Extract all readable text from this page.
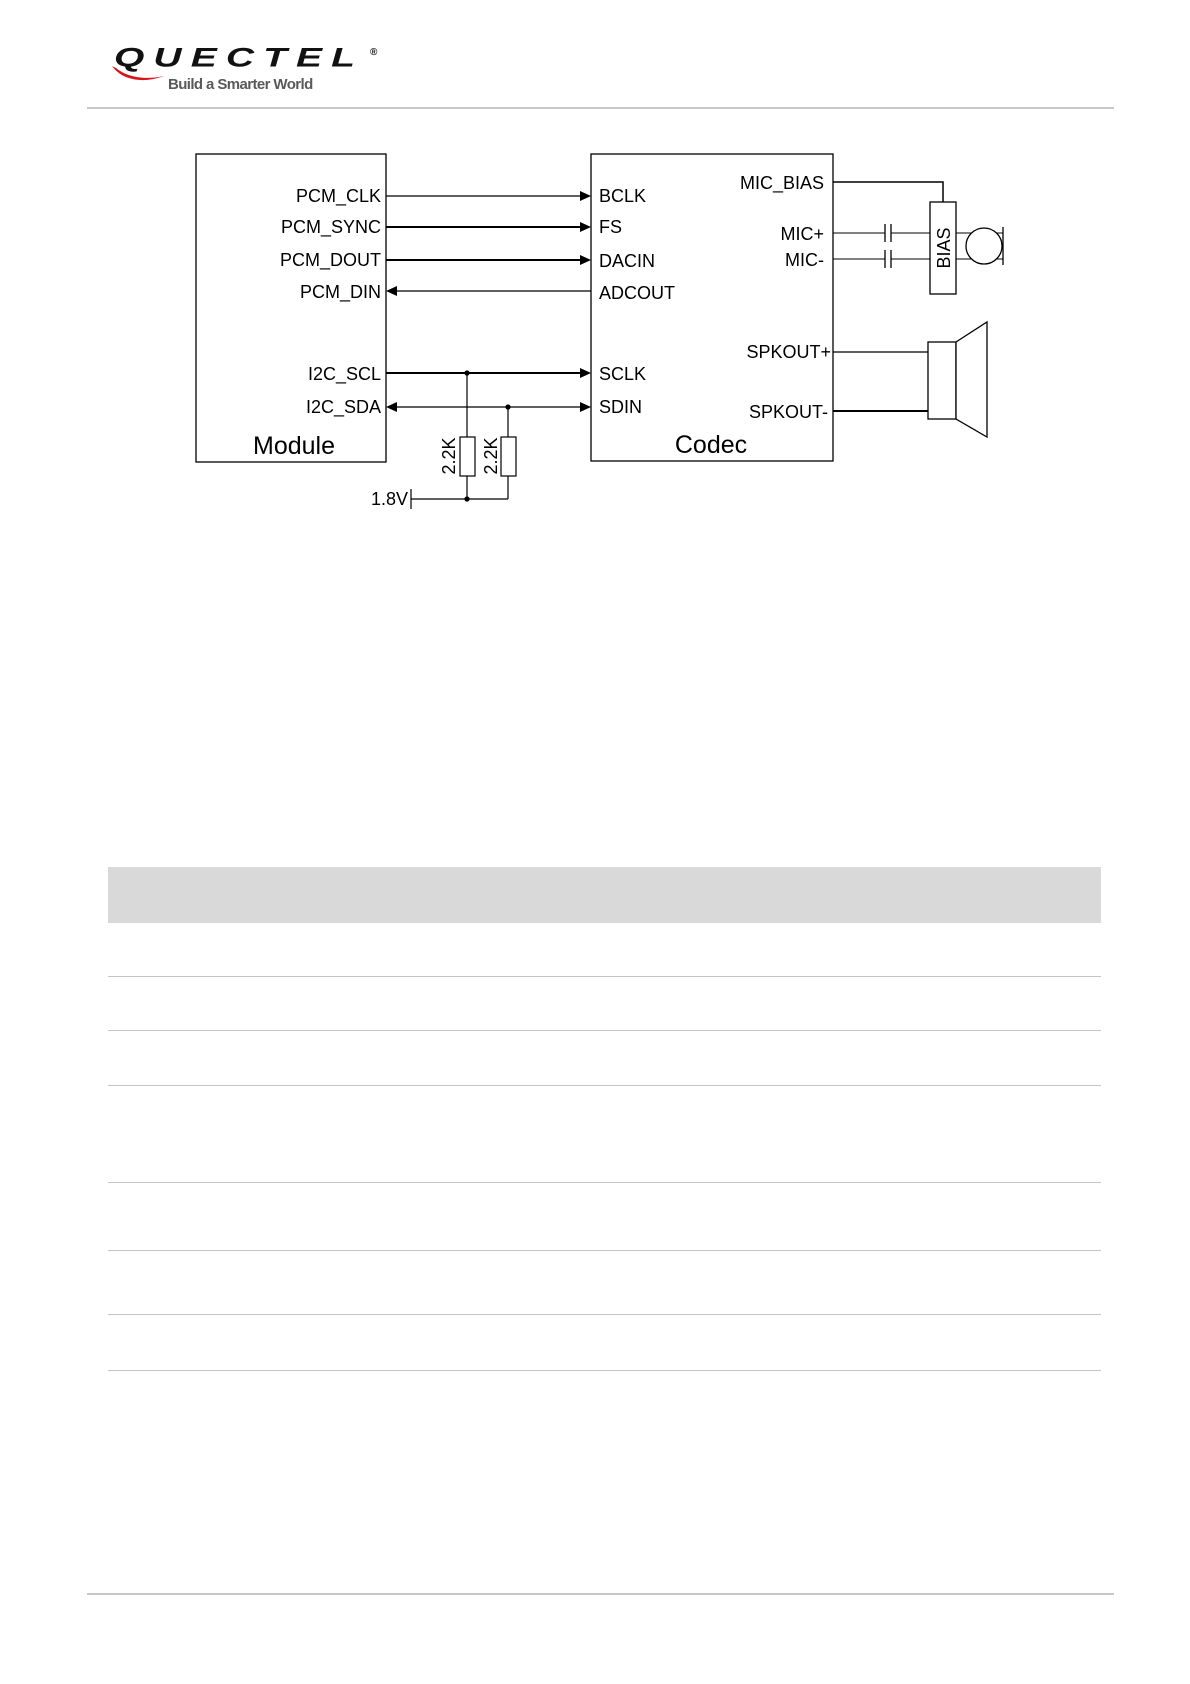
QUECTEL ®
Build a Smarter World
Module	Codec
PCM_CLK
PCM_SYNC
PCM_DOUT
PCM_DIN
I2C_SCL
I2C_SDA
BCLK
FS
DACIN
ADCOUT
SCLK
SDIN
MIC_BIAS
MIC+
MIC-
SPKOUT+
SPKOUT-
1.8V
2.2K 2.2K
BIAS
